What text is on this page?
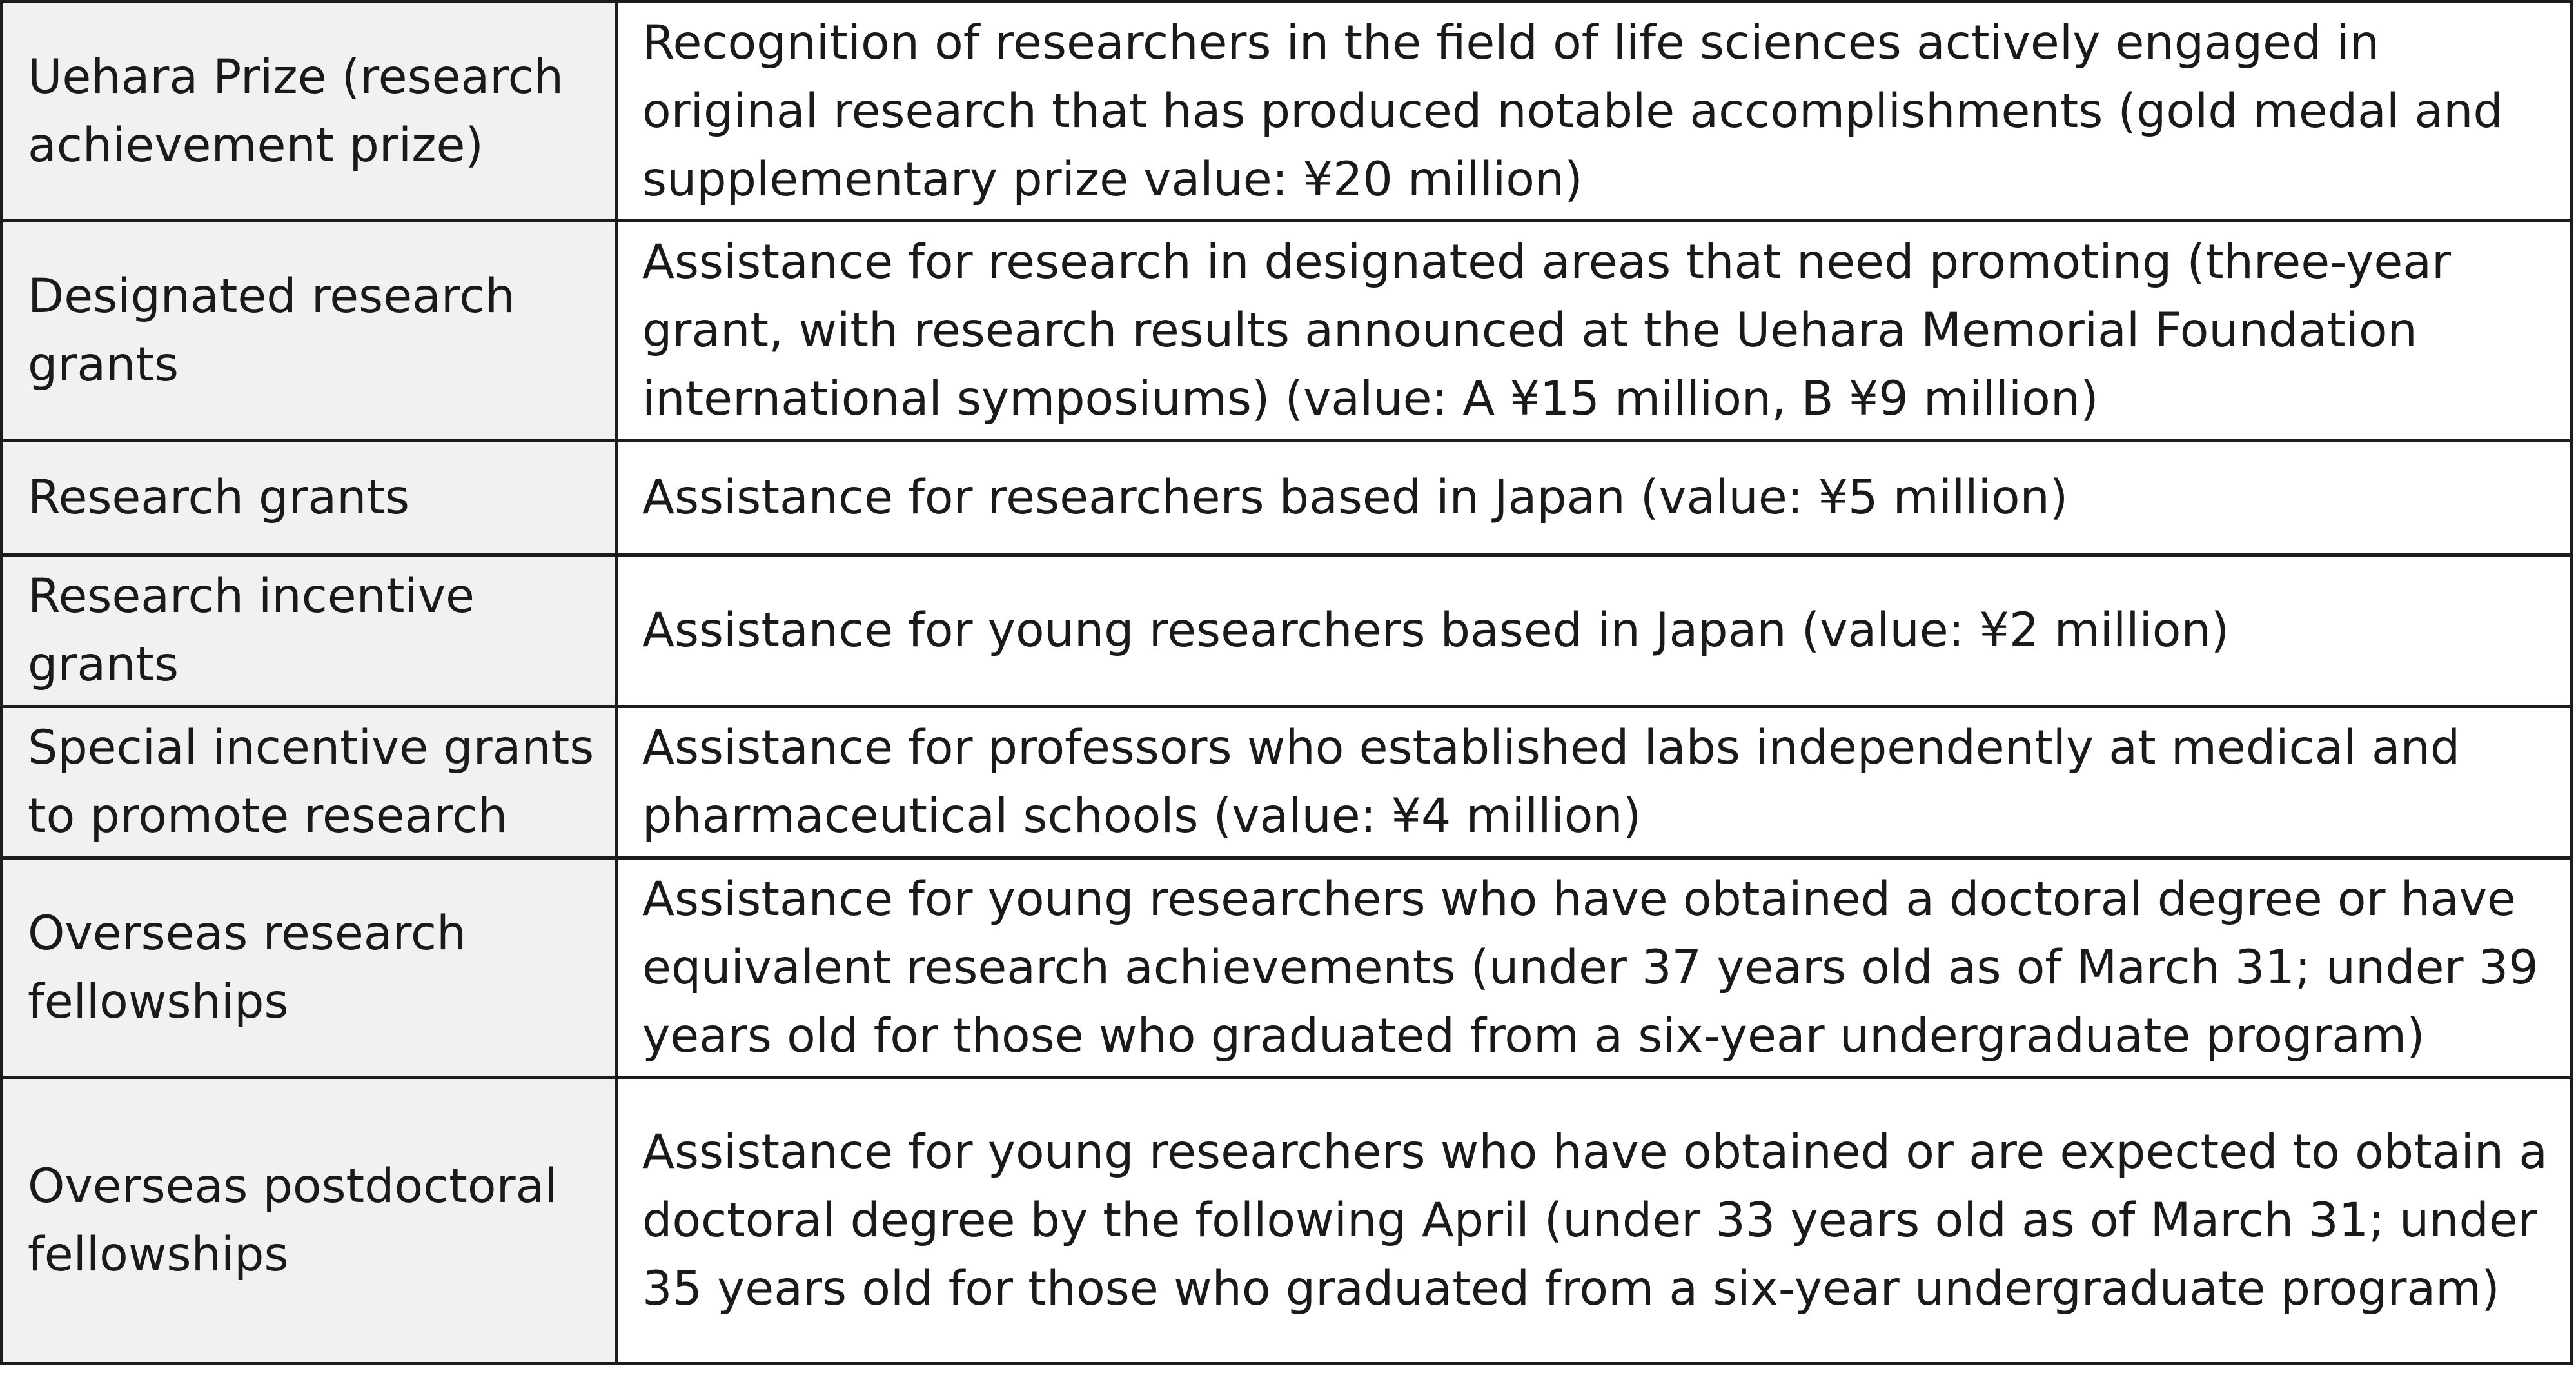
Uehara Prize (research achievement prize)	Recognition of researchers in the field of life sciences actively engaged in original research that has produced notable accomplishments (gold medal and supplementary prize value: ¥20 million)
Designated research grants	Assistance for research in designated areas that need promoting (three-year grant, with research results announced at the Uehara Memorial Foundation international symposiums) (value: A ¥15 million, B ¥9 million)
Research grants	Assistance for researchers based in Japan (value: ¥5 million)
Research incentive grants	Assistance for young researchers based in Japan (value: ¥2 million)
Special incentive grants to promote research	Assistance for professors who established labs independently at medical and pharmaceutical schools (value: ¥4 million)
Overseas research fellowships	Assistance for young researchers who have obtained a doctoral degree or have equivalent research achievements (under 37 years old as of March 31; under 39 years old for those who graduated from a six-year undergraduate program)
Overseas postdoctoral fellowships	Assistance for young researchers who have obtained or are expected to obtain a doctoral degree by the following April (under 33 years old as of March 31; under 35 years old for those who graduated from a six-year undergraduate program)
